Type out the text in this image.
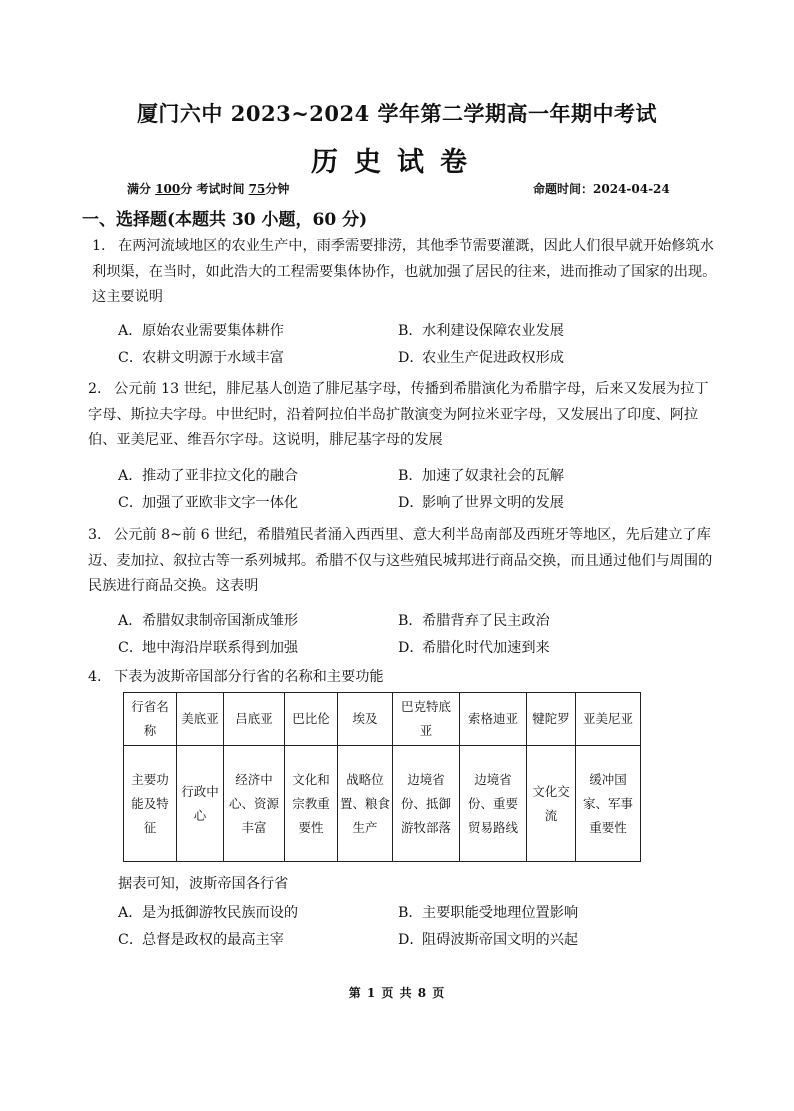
厦门六中 2023~2024 学年第二学期高一年期中考试
历史试卷
满分 100分 考试时间 75分钟	命题时间：2024-04-24
一、选择题(本题共 30 小题，60 分)
1. 在两河流域地区的农业生产中，雨季需要排涝，其他季节需要灌溉，因此人们很早就开始修筑水利坝渠，在当时，如此浩大的工程需要集体协作，也就加强了居民的往来，进而推动了国家的出现。这主要说明
A．原始农业需要集体耕作	B．水利建设保障农业发展
C．农耕文明源于水域丰富	D．农业生产促进政权形成
2. 公元前 13 世纪，腓尼基人创造了腓尼基字母，传播到希腊演化为希腊字母，后来又发展为拉丁字母、斯拉夫字母。中世纪时，沿着阿拉伯半岛扩散演变为阿拉米亚字母，又发展出了印度、阿拉伯、亚美尼亚、维吾尔字母。这说明，腓尼基字母的发展
A．推动了亚非拉文化的融合	B．加速了奴隶社会的瓦解
C．加强了亚欧非文字一体化	D．影响了世界文明的发展
3. 公元前 8~前 6 世纪，希腊殖民者涌入西西里、意大利半岛南部及西班牙等地区，先后建立了库迈、麦加拉、叙拉古等一系列城邦。希腊不仅与这些殖民城邦进行商品交换，而且通过他们与周围的民族进行商品交换。这表明
A．希腊奴隶制帝国渐成雏形	B．希腊背弃了民主政治
C．地中海沿岸联系得到加强	D．希腊化时代加速到来
4. 下表为波斯帝国部分行省的名称和主要功能
行省名称	美底亚	吕底亚	巴比伦	埃及	巴克特底亚	索格迪亚	犍陀罗	亚美尼亚
主要功能及特征	行政中心	经济中心、资源丰富	文化和宗教重要性	战略位置、粮食生产	边境省份、抵御游牧部落	边境省份、重要贸易路线	文化交流	缓冲国家、军事重要性
据表可知，波斯帝国各行省
A．是为抵御游牧民族而设的	B．主要职能受地理位置影响
C．总督是政权的最高主宰	D．阻碍波斯帝国文明的兴起
第 1 页 共 8 页
